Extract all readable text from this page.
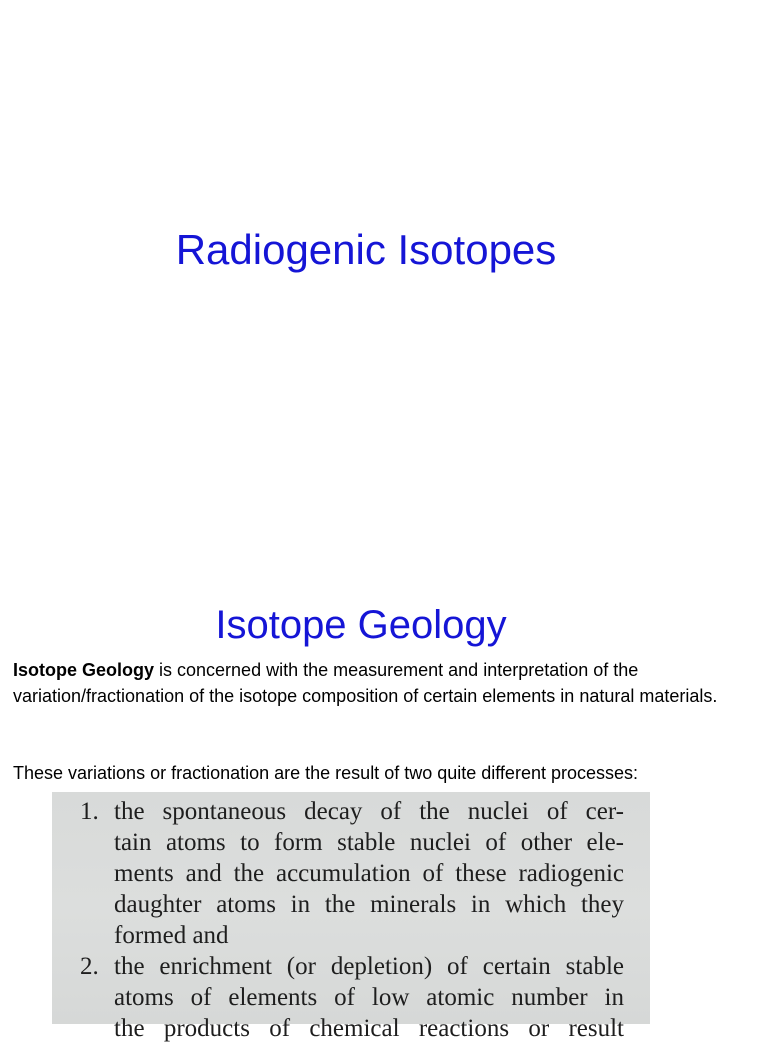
Radiogenic Isotopes
Isotope Geology

Isotope Geology is concerned with the measurement and interpretation of the variation/fractionation of the isotope composition of certain elements in natural materials.

These variations or fractionation are the result of two quite different processes:

1. the spontaneous decay of the nuclei of cer-
tain atoms to form stable nuclei of other ele-
ments and the accumulation of these radiogenic
daughter atoms in the minerals in which they
formed and
2. the enrichment (or depletion) of certain stable
atoms of elements of low atomic number in
the products of chemical reactions or result
